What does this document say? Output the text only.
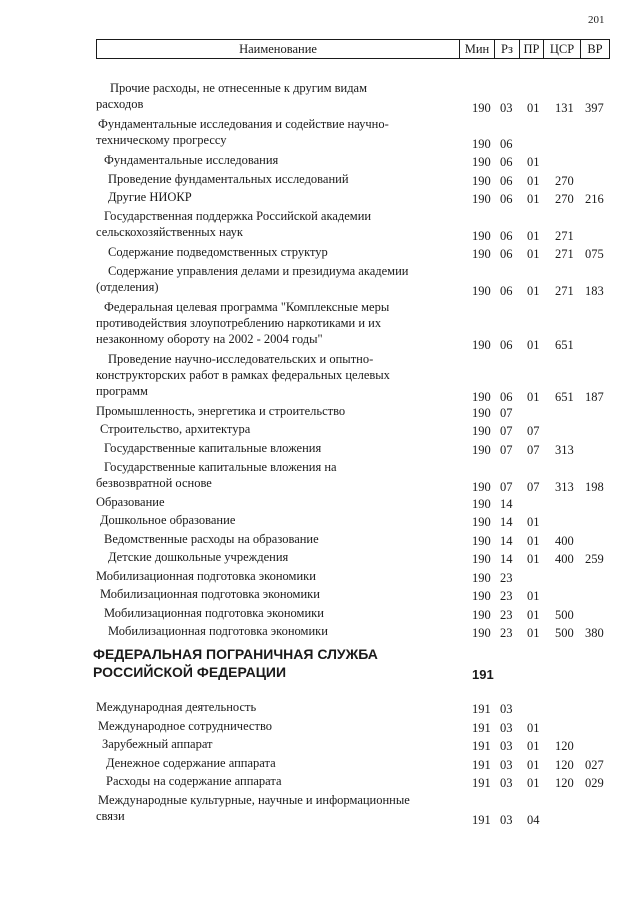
201
Наименование	Мин Рз ПР ЦСР	ВР
Прочие расходы, не отнесенные к другим видам
расходов	190 03 01 131 397
Фундаментальные исследования и содействие научно-
техническому прогрессу	190 06
Фундаментальные исследования	190 06 01
Проведение фундаментальных исследований	190 06 01 270
Другие НИОКР	190 06 01 270 216
Государственная поддержка Российской академии
сельскохозяйственных наук	190 06 01 271
Содержание подведомственных структур	190 06 01 271 075
Содержание управления делами и президиума академии
(отделения)	190 06 01 271 183
Федеральная целевая программа "Комплексные меры
противодействия злоупотреблению наркотиками и их
незаконному обороту на 2002 - 2004 годы"	190 06 01 651
Проведение научно-исследовательских и опытно-
конструкторских работ в рамках федеральных целевых
программ	190 06 01 651 187
Промышленность, энергетика и строительство	190 07
Строительство, архитектура	190 07 07
Государственные капитальные вложения	190 07 07 313
Государственные капитальные вложения на
безвозвратной основе	190 07 07 313 198
Образование	190 14
Дошкольное образование	190 14 01
Ведомственные расходы на образование	190 14 01 400
Детские дошкольные учреждения	190 14 01 400 259
Мобилизационная подготовка экономики	190 23
Мобилизационная подготовка экономики	190 23 01
Мобилизационная подготовка экономики	190 23 01 500
Мобилизационная подготовка экономики	190 23 01 500 380
Международная деятельность	191 03
Международное сотрудничество	191 03 01
Зарубежный аппарат	191 03 01 120
Денежное содержание аппарата	191 03 01 120 027
Расходы на содержание аппарата	191 03 01 120 029
Международные культурные, научные и информационные
связи	191 03 04
ФЕДЕРАЛЬНАЯ ПОГРАНИЧНАЯ СЛУЖБА
РОССИЙСКОЙ ФЕДЕРАЦИИ	191
